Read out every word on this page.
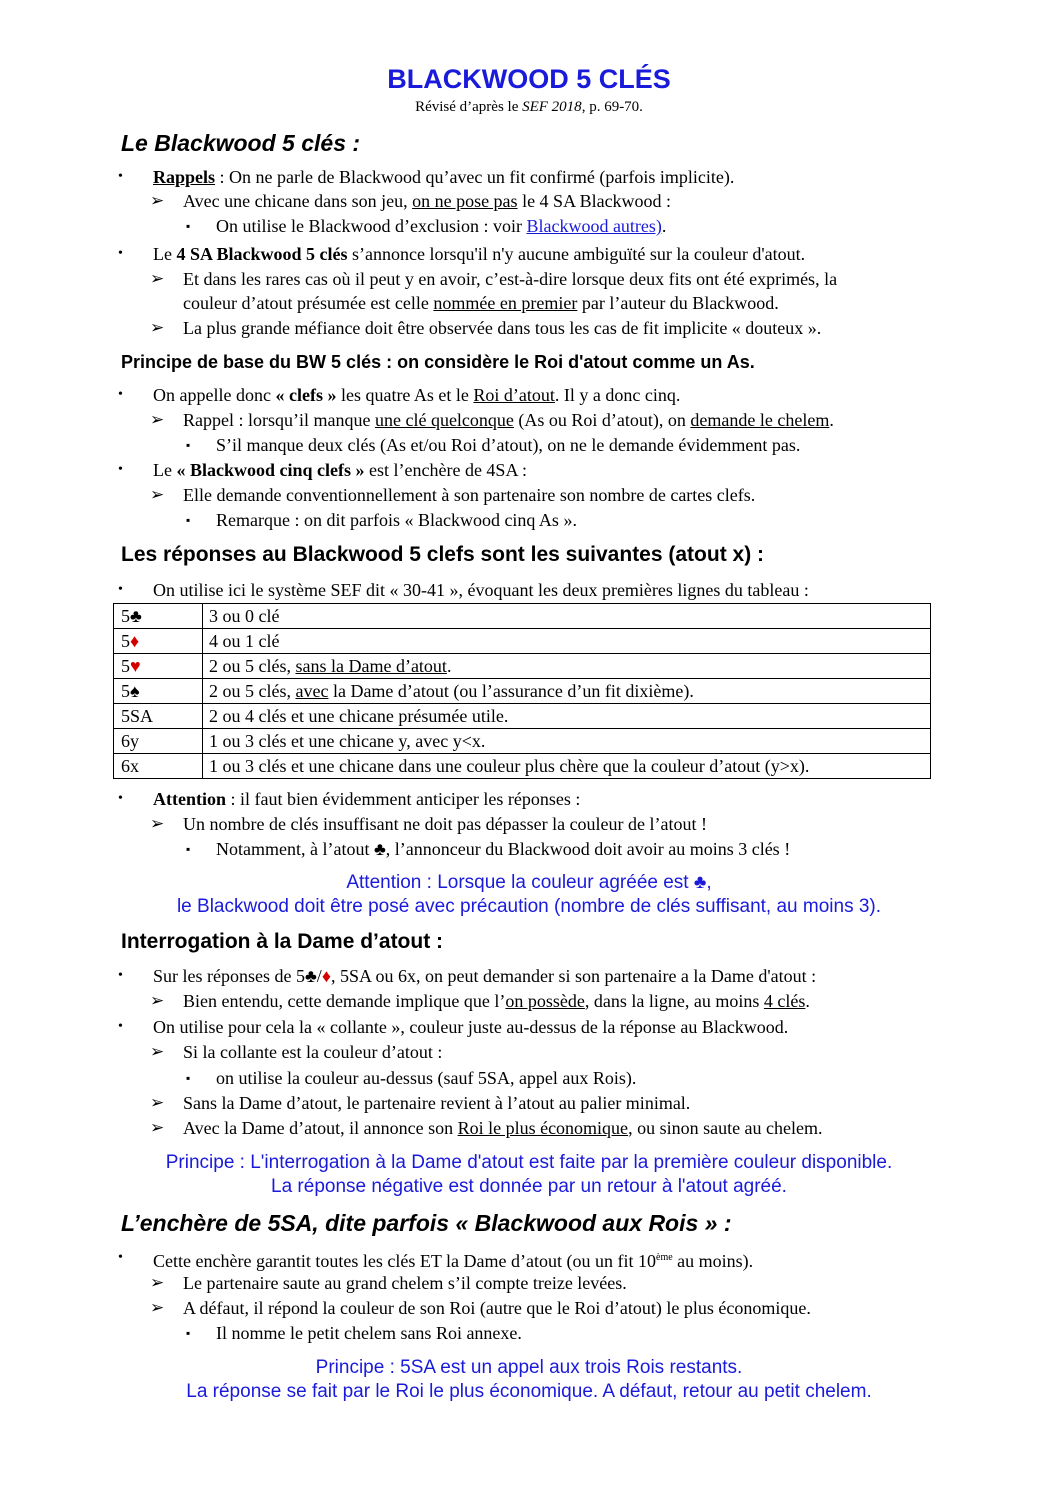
BLACKWOOD 5 CLÉS
Révisé d’après le SEF 2018, p. 69-70.
Le Blackwood 5 clés :
• Rappels : On ne parle de Blackwood qu’avec un fit confirmé (parfois implicite).
➢ Avec une chicane dans son jeu, on ne pose pas le 4 SA Blackwood :
▪ On utilise le Blackwood d’exclusion : voir Blackwood autres).
• Le 4 SA Blackwood 5 clés s’annonce lorsqu'il n'y aucune ambiguïté sur la couleur d'atout.
➢ Et dans les rares cas où il peut y en avoir, c’est-à-dire lorsque deux fits ont été exprimés, la
couleur d’atout présumée est celle nommée en premier par l’auteur du Blackwood.
➢ La plus grande méfiance doit être observée dans tous les cas de fit implicite « douteux ».
Principe de base du BW 5 clés : on considère le Roi d'atout comme un As.
• On appelle donc « clefs » les quatre As et le Roi d’atout. Il y a donc cinq.
➢ Rappel : lorsqu’il manque une clé quelconque (As ou Roi d’atout), on demande le chelem.
▪ S’il manque deux clés (As et/ou Roi d’atout), on ne le demande évidemment pas.
• Le « Blackwood cinq clefs » est l’enchère de 4SA :
➢ Elle demande conventionnellement à son partenaire son nombre de cartes clefs.
▪ Remarque : on dit parfois « Blackwood cinq As ».
Les réponses au Blackwood 5 clefs sont les suivantes (atout x) :
• On utilise ici le système SEF dit « 30-41 », évoquant les deux premières lignes du tableau :
5♣	3 ou 0 clé
5♦	4 ou 1 clé
5♥	2 ou 5 clés, sans la Dame d’atout.
5♠	2 ou 5 clés, avec la Dame d’atout (ou l’assurance d’un fit dixième).
5SA	2 ou 4 clés et une chicane présumée utile.
6y	1 ou 3 clés et une chicane y, avec y<x.
6x	1 ou 3 clés et une chicane dans une couleur plus chère que la couleur d’atout (y>x).
• Attention : il faut bien évidemment anticiper les réponses :
➢ Un nombre de clés insuffisant ne doit pas dépasser la couleur de l’atout !
▪ Notamment, à l’atout ♣, l’annonceur du Blackwood doit avoir au moins 3 clés !
Attention : Lorsque la couleur agréée est ♣,
le Blackwood doit être posé avec précaution (nombre de clés suffisant, au moins 3).
Interrogation à la Dame d’atout :
• Sur les réponses de 5♣/♦, 5SA ou 6x, on peut demander si son partenaire a la Dame d'atout :
➢ Bien entendu, cette demande implique que l’on possède, dans la ligne, au moins 4 clés.
• On utilise pour cela la « collante », couleur juste au-dessus de la réponse au Blackwood.
➢ Si la collante est la couleur d’atout :
▪ on utilise la couleur au-dessus (sauf 5SA, appel aux Rois).
➢ Sans la Dame d’atout, le partenaire revient à l’atout au palier minimal.
➢ Avec la Dame d’atout, il annonce son Roi le plus économique, ou sinon saute au chelem.
Principe : L'interrogation à la Dame d'atout est faite par la première couleur disponible.
La réponse négative est donnée par un retour à l'atout agréé.
L’enchère de 5SA, dite parfois « Blackwood aux Rois » :
• Cette enchère garantit toutes les clés ET la Dame d’atout (ou un fit 10ème au moins).
➢ Le partenaire saute au grand chelem s’il compte treize levées.
➢ A défaut, il répond la couleur de son Roi (autre que le Roi d’atout) le plus économique.
▪ Il nomme le petit chelem sans Roi annexe.
Principe : 5SA est un appel aux trois Rois restants.
La réponse se fait par le Roi le plus économique. A défaut, retour au petit chelem.
